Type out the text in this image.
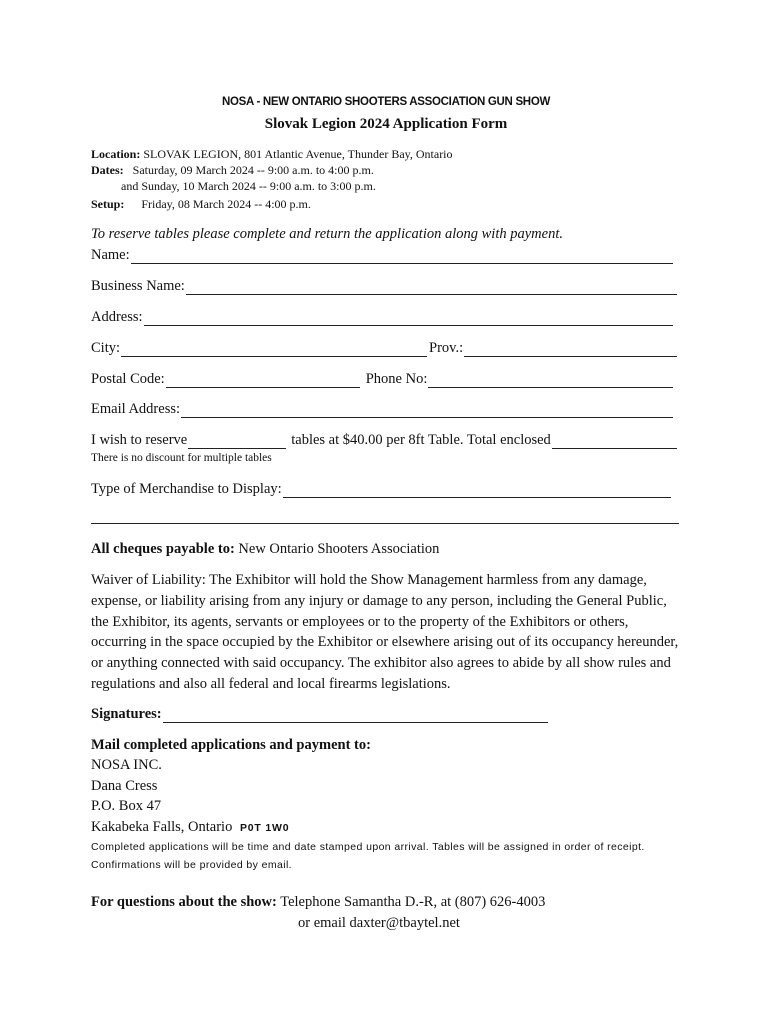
NOSA - NEW ONTARIO SHOOTERS ASSOCIATION GUN SHOW
Slovak Legion 2024 Application Form
Location: SLOVAK LEGION, 801 Atlantic Avenue, Thunder Bay, Ontario
Dates: Saturday, 09 March 2024 -- 9:00 a.m. to 4:00 p.m.
and Sunday, 10 March 2024 -- 9:00 a.m. to 3:00 p.m.
Setup: Friday, 08 March 2024 -- 4:00 p.m.
To reserve tables please complete and return the application along with payment.
Name:
Business Name:
Address:
City:	Prov.:
Postal Code:	Phone No:
Email Address:
I wish to reserve	tables at $40.00 per 8ft Table. Total enclosed
There is no discount for multiple tables
Type of Merchandise to Display:
All cheques payable to: New Ontario Shooters Association
Waiver of Liability: The Exhibitor will hold the Show Management harmless from any damage, expense, or liability arising from any injury or damage to any person, including the General Public, the Exhibitor, its agents, servants or employees or to the property of the Exhibitors or others, occurring in the space occupied by the Exhibitor or elsewhere arising out of its occupancy hereunder, or anything connected with said occupancy. The exhibitor also agrees to abide by all show rules and regulations and also all federal and local firearms legislations.
Signatures:
Mail completed applications and payment to:
NOSA INC.
Dana Cress
P.O. Box 47
Kakabeka Falls, Ontario P0T 1W0
Completed applications will be time and date stamped upon arrival. Tables will be assigned in order of receipt.
Confirmations will be provided by email.
For questions about the show: Telephone Samantha D.-R, at (807) 626-4003
or email daxter@tbaytel.net
